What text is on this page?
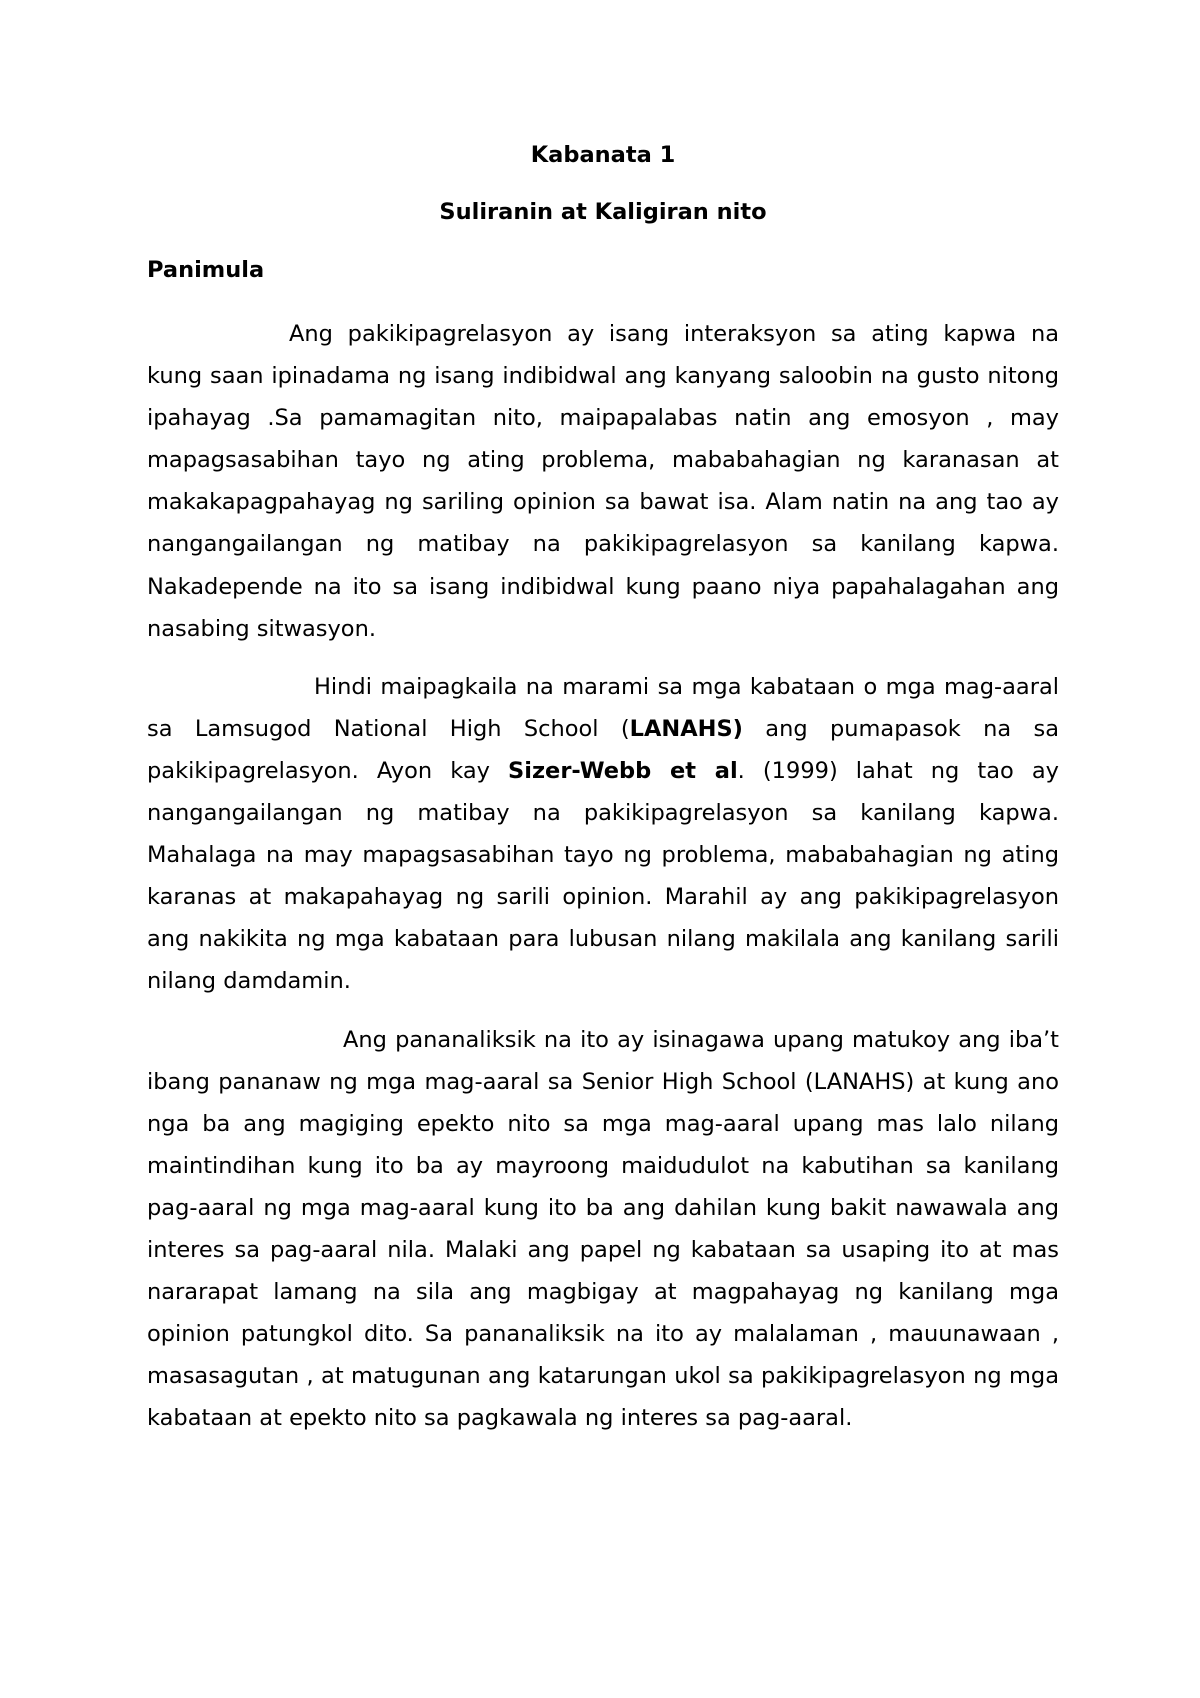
Kabanata 1
Suliranin at Kaligiran nito
Panimula

Ang pakikipagrelasyon ay isang interaksyon sa ating kapwa na kung saan ipinadama ng isang indibidwal ang kanyang saloobin na gusto nitong ipahayag .Sa pamamagitan nito, maipapalabas natin ang emosyon , may mapagsasabihan tayo ng ating problema, mababahagian ng karanasan at makakapagpahayag ng sariling opinion sa bawat isa. Alam natin na ang tao ay nangangailangan ng matibay na pakikipagrelasyon sa kanilang kapwa. Nakadepende na ito sa isang indibidwal kung paano niya papahalagahan ang nasabing sitwasyon.

Hindi maipagkaila na marami sa mga kabataan o mga mag-aaral sa Lamsugod National High School (LANAHS) ang pumapasok na sa pakikipagrelasyon. Ayon kay Sizer-Webb et al. (1999) lahat ng tao ay nangangailangan ng matibay na pakikipagrelasyon sa kanilang kapwa. Mahalaga na may mapagsasabihan tayo ng problema, mababahagian ng ating karanas at makapahayag ng sarili opinion. Marahil ay ang pakikipagrelasyon ang nakikita ng mga kabataan para lubusan nilang makilala ang kanilang sarili nilang damdamin.

Ang pananaliksik na ito ay isinagawa upang matukoy ang iba’t ibang pananaw ng mga mag-aaral sa Senior High School (LANAHS) at kung ano nga ba ang magiging epekto nito sa mga mag-aaral upang mas lalo nilang maintindihan kung ito ba ay mayroong maidudulot na kabutihan sa kanilang pag-aaral ng mga mag-aaral kung ito ba ang dahilan kung bakit nawawala ang interes sa pag-aaral nila. Malaki ang papel ng kabataan sa usaping ito at mas nararapat lamang na sila ang magbigay at magpahayag ng kanilang mga opinion patungkol dito. Sa pananaliksik na ito ay malalaman , mauunawaan , masasagutan , at matugunan ang katarungan ukol sa pakikipagrelasyon ng mga kabataan at epekto nito sa pagkawala ng interes sa pag-aaral.
